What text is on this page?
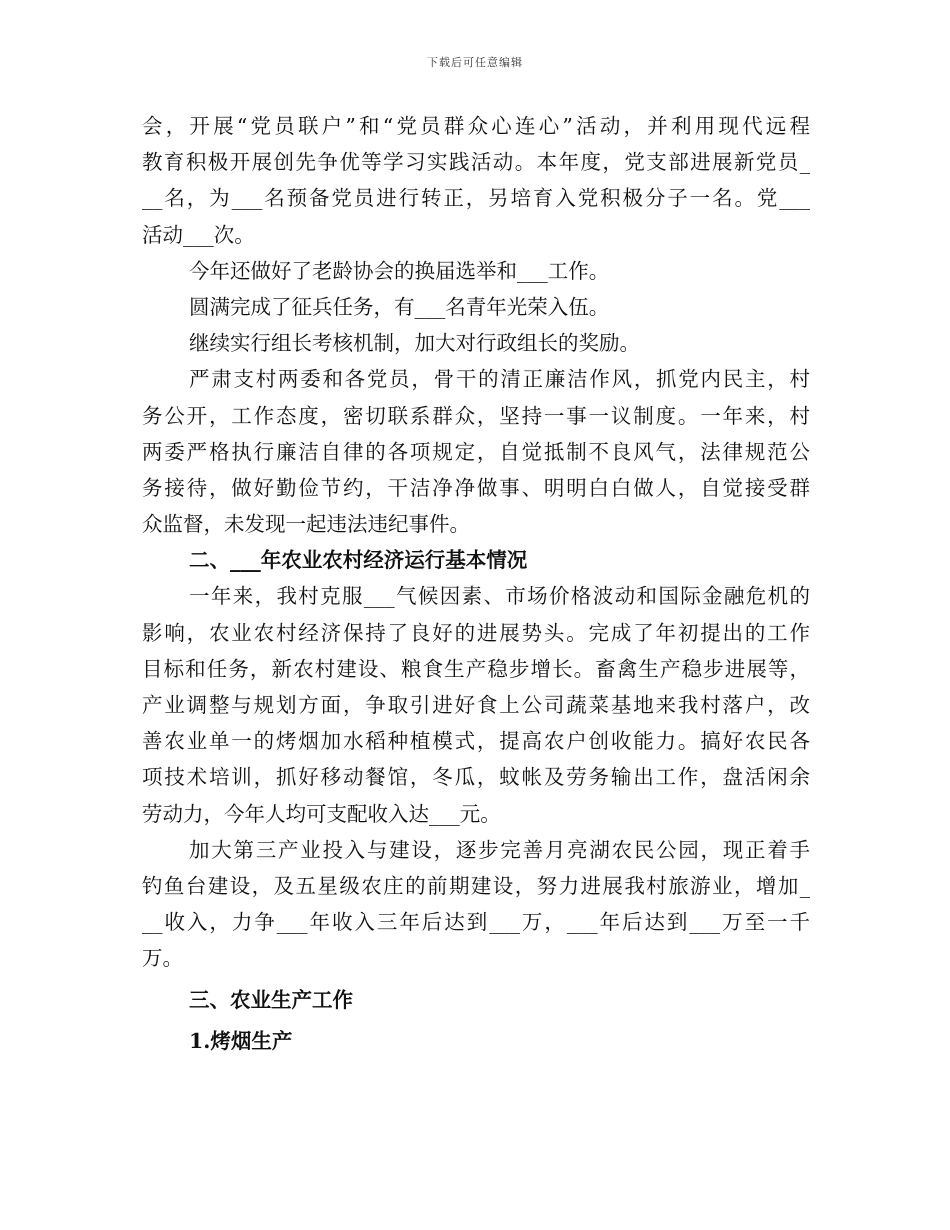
下载后可任意编辑
会，开展“党员联户”和“党员群众心连心”活动，并利用现代远程
教育积极开展创先争优等学习实践活动。本年度，党支部进展新党员_
__名，为___名预备党员进行转正，另培育入党积极分子一名。党___
活动___次。
今年还做好了老龄协会的换届选举和___工作。
圆满完成了征兵任务，有___名青年光荣入伍。
继续实行组长考核机制，加大对行政组长的奖励。
严肃支村两委和各党员，骨干的清正廉洁作风，抓党内民主，村
务公开，工作态度，密切联系群众，坚持一事一议制度。一年来，村
两委严格执行廉洁自律的各项规定，自觉抵制不良风气，法律规范公
务接待，做好勤俭节约，干洁净净做事、明明白白做人，自觉接受群
众监督，未发现一起违法违纪事件。
二、___年农业农村经济运行基本情况
一年来，我村克服___气候因素、市场价格波动和国际金融危机的
影响，农业农村经济保持了良好的进展势头。完成了年初提出的工作
目标和任务，新农村建设、粮食生产稳步增长。畜禽生产稳步进展等，
产业调整与规划方面，争取引进好食上公司蔬菜基地来我村落户，改
善农业单一的烤烟加水稻种植模式，提高农户创收能力。搞好农民各
项技术培训，抓好移动餐馆，冬瓜，蚊帐及劳务输出工作，盘活闲余
劳动力，今年人均可支配收入达___元。
加大第三产业投入与建设，逐步完善月亮湖农民公园，现正着手
钓鱼台建设，及五星级农庄的前期建设，努力进展我村旅游业，增加_
__收入，力争___年收入三年后达到___万，___年后达到___万至一千
万。
三、农业生产工作
1.烤烟生产
